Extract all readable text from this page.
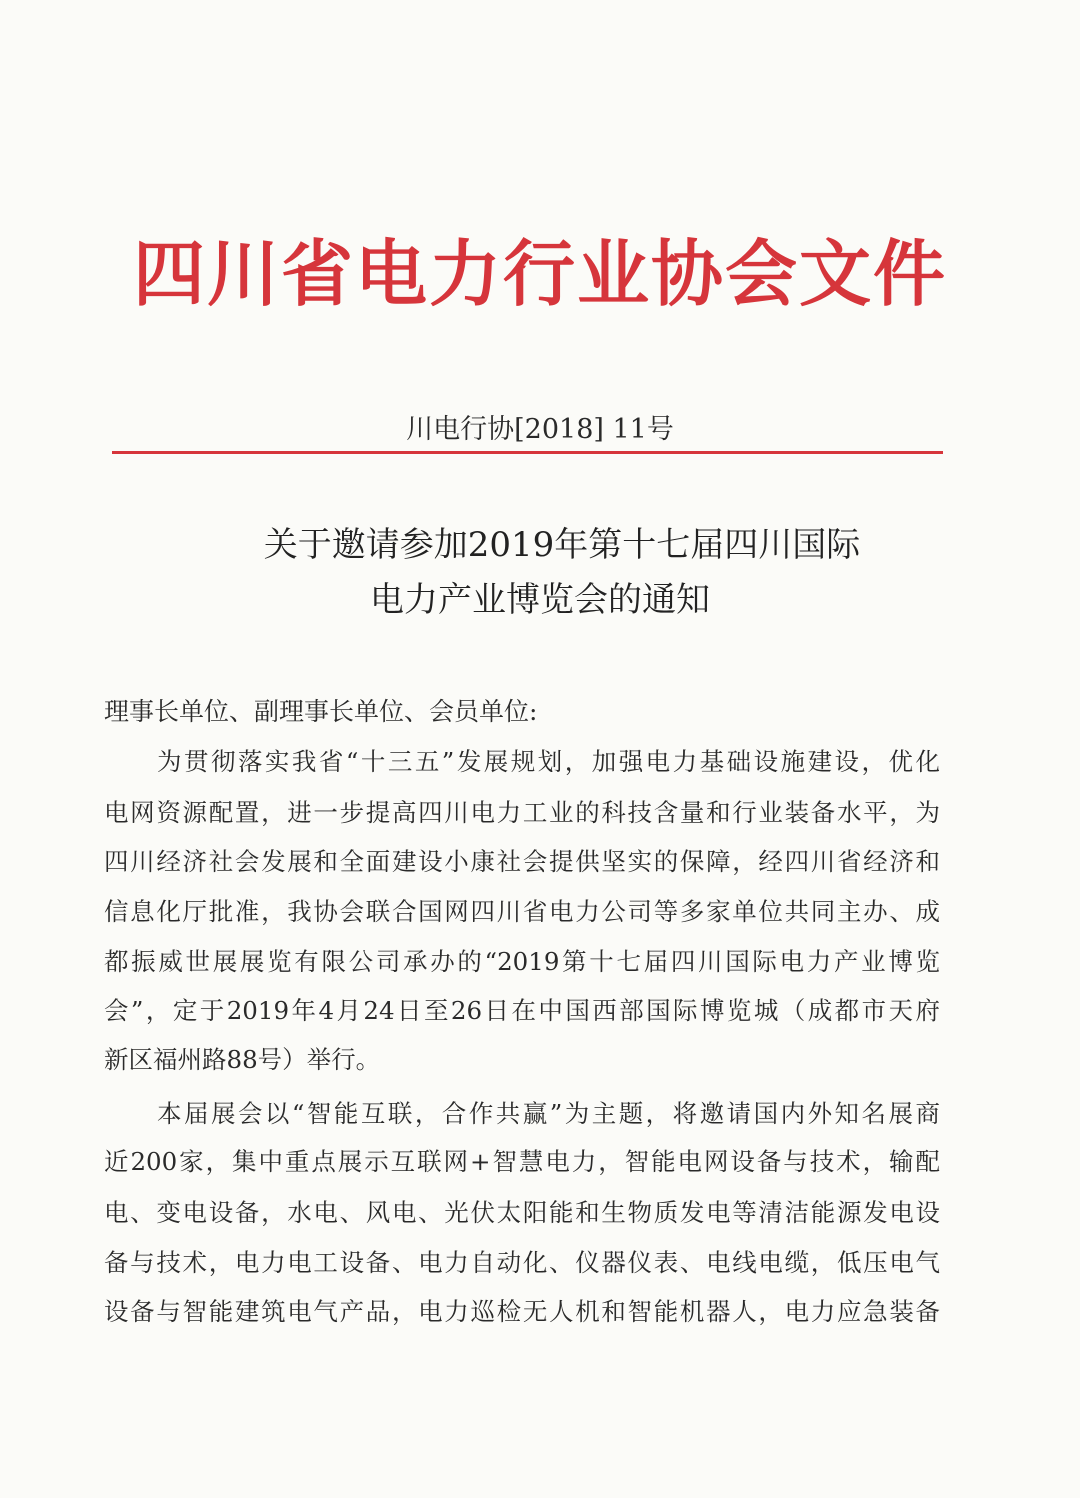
四川省电力行业协会文件
川电行协[2018] 11号
关于邀请参加2019年第十七届四川国际
电力产业博览会的通知
理事长单位、副理事长单位、会员单位:
为贯彻落实我省“十三五”发展规划，加强电力基础设施建设，优化
电网资源配置，进一步提高四川电力工业的科技含量和行业装备水平，为
四川经济社会发展和全面建设小康社会提供坚实的保障，经四川省经济和
信息化厅批准，我协会联合国网四川省电力公司等多家单位共同主办、成
都振威世展展览有限公司承办的“2019第十七届四川国际电力产业博览
会”，定于2019年4月24日至26日在中国西部国际博览城（成都市天府
新区福州路88号）举行。
本届展会以“智能互联，合作共赢”为主题，将邀请国内外知名展商
近200家，集中重点展示互联网+智慧电力，智能电网设备与技术，输配
电、变电设备，水电、风电、光伏太阳能和生物质发电等清洁能源发电设
备与技术，电力电工设备、电力自动化、仪器仪表、电线电缆，低压电气
设备与智能建筑电气产品，电力巡检无人机和智能机器人，电力应急装备
